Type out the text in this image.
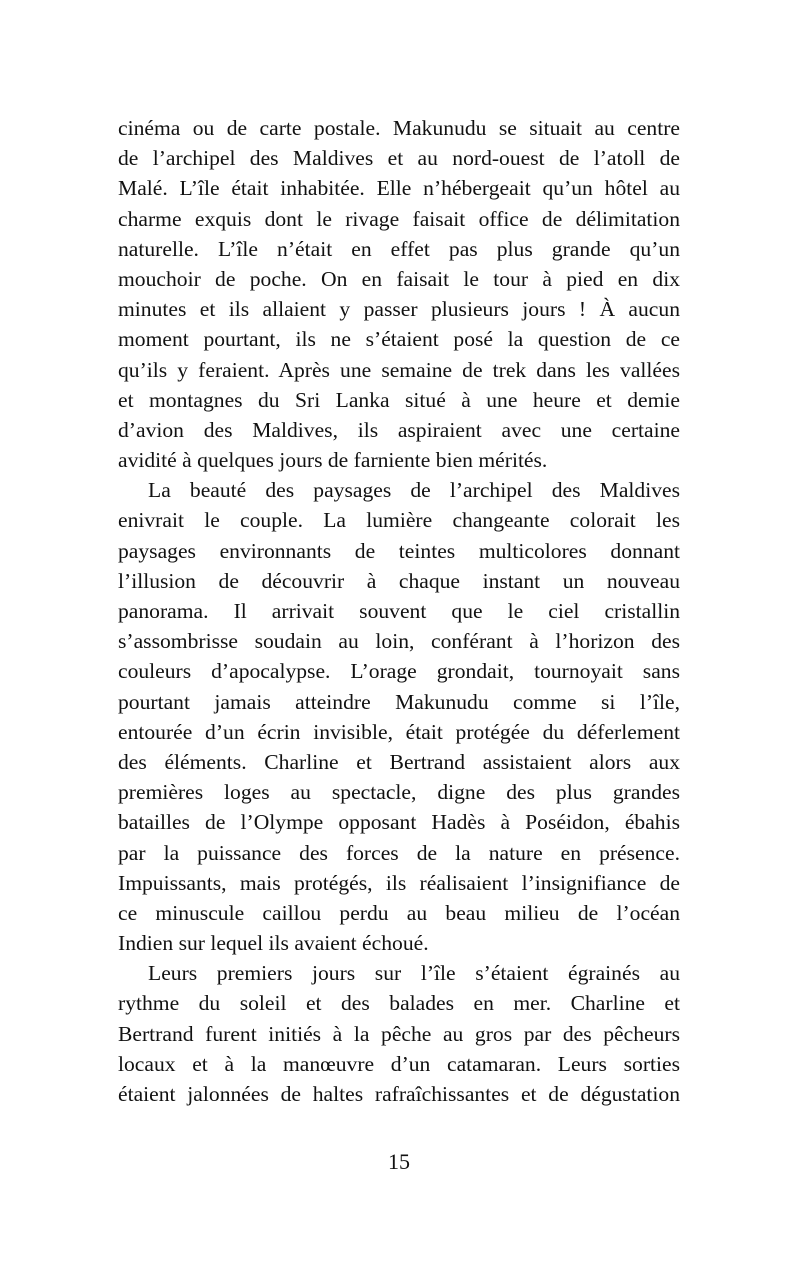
cinéma ou de carte postale. Makunudu se situait au centre
de l’archipel des Maldives et au nord-ouest de l’atoll de
Malé. L’île était inhabitée. Elle n’hébergeait qu’un hôtel au
charme exquis dont le rivage faisait office de délimitation
naturelle. L’île n’était en effet pas plus grande qu’un
mouchoir de poche. On en faisait le tour à pied en dix
minutes et ils allaient y passer plusieurs jours ! À aucun
moment pourtant, ils ne s’étaient posé la question de ce
qu’ils y feraient. Après une semaine de trek dans les vallées
et montagnes du Sri Lanka situé à une heure et demie
d’avion des Maldives, ils aspiraient avec une certaine
avidité à quelques jours de farniente bien mérités.
La beauté des paysages de l’archipel des Maldives
enivrait le couple. La lumière changeante colorait les
paysages environnants de teintes multicolores donnant
l’illusion de découvrir à chaque instant un nouveau
panorama. Il arrivait souvent que le ciel cristallin
s’assombrisse soudain au loin, conférant à l’horizon des
couleurs d’apocalypse. L’orage grondait, tournoyait sans
pourtant jamais atteindre Makunudu comme si l’île,
entourée d’un écrin invisible, était protégée du déferlement
des éléments. Charline et Bertrand assistaient alors aux
premières loges au spectacle, digne des plus grandes
batailles de l’Olympe opposant Hadès à Poséidon, ébahis
par la puissance des forces de la nature en présence.
Impuissants, mais protégés, ils réalisaient l’insignifiance de
ce minuscule caillou perdu au beau milieu de l’océan
Indien sur lequel ils avaient échoué.
Leurs premiers jours sur l’île s’étaient égrainés au
rythme du soleil et des balades en mer. Charline et
Bertrand furent initiés à la pêche au gros par des pêcheurs
locaux et à la manœuvre d’un catamaran. Leurs sorties
étaient jalonnées de haltes rafraîchissantes et de dégustation
15
